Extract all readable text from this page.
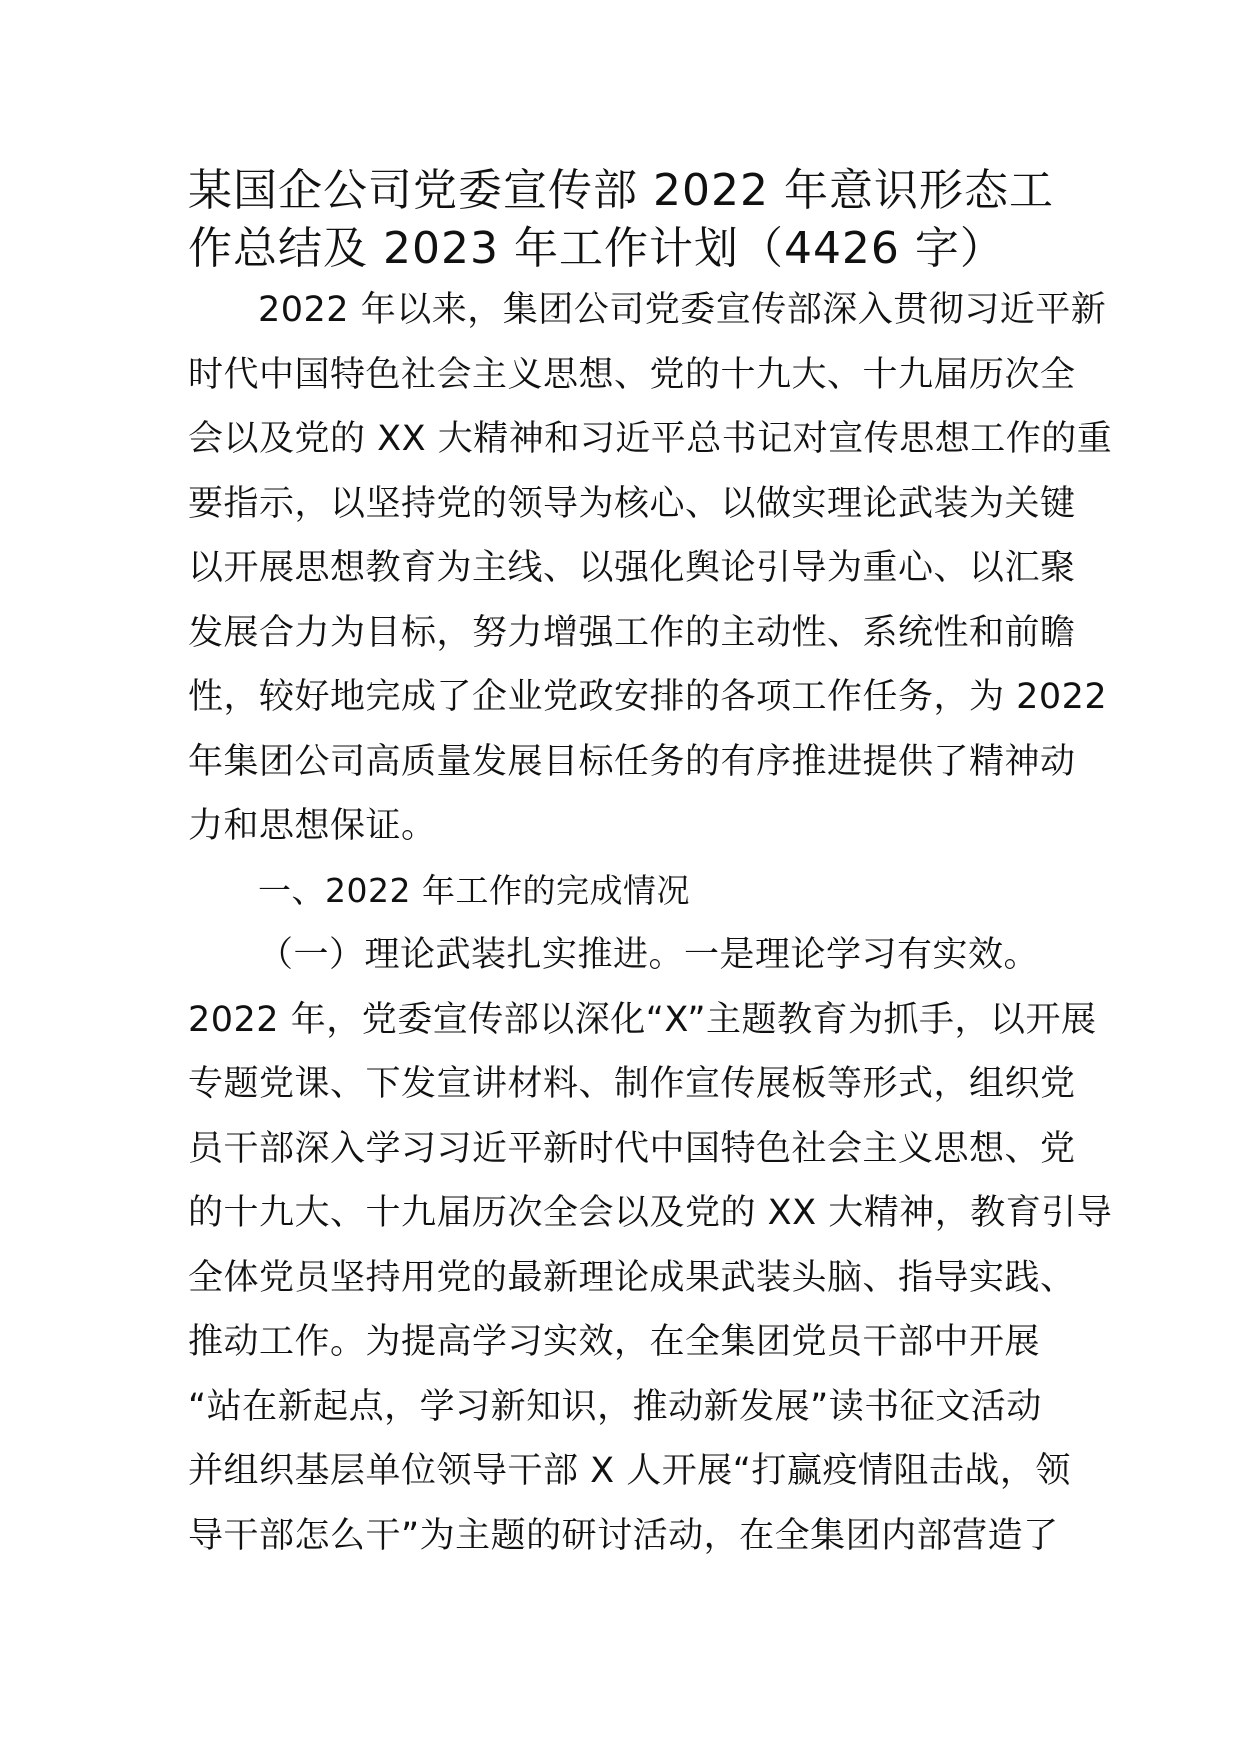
某国企公司党委宣传部 2022 年意识形态工
作总结及 2023 年工作计划（4426 字）
2022 年以来，集团公司党委宣传部深入贯彻习近平新
时代中国特色社会主义思想、党的十九大、十九届历次全
会以及党的 XX 大精神和习近平总书记对宣传思想工作的重
要指示，以坚持党的领导为核心、以做实理论武装为关键
以开展思想教育为主线、以强化舆论引导为重心、以汇聚
发展合力为目标，努力增强工作的主动性、系统性和前瞻
性，较好地完成了企业党政安排的各项工作任务，为 2022
年集团公司高质量发展目标任务的有序推进提供了精神动
力和思想保证。
一、2022 年工作的完成情况
（一）理论武装扎实推进。一是理论学习有实效。
2022 年，党委宣传部以深化“X”主题教育为抓手，以开展
专题党课、下发宣讲材料、制作宣传展板等形式，组织党
员干部深入学习习近平新时代中国特色社会主义思想、党
的十九大、十九届历次全会以及党的 XX 大精神，教育引导
全体党员坚持用党的最新理论成果武装头脑、指导实践、
推动工作。为提高学习实效，在全集团党员干部中开展
“站在新起点，学习新知识，推动新发展”读书征文活动
并组织基层单位领导干部 X 人开展“打赢疫情阻击战，领
导干部怎么干”为主题的研讨活动，在全集团内部营造了
